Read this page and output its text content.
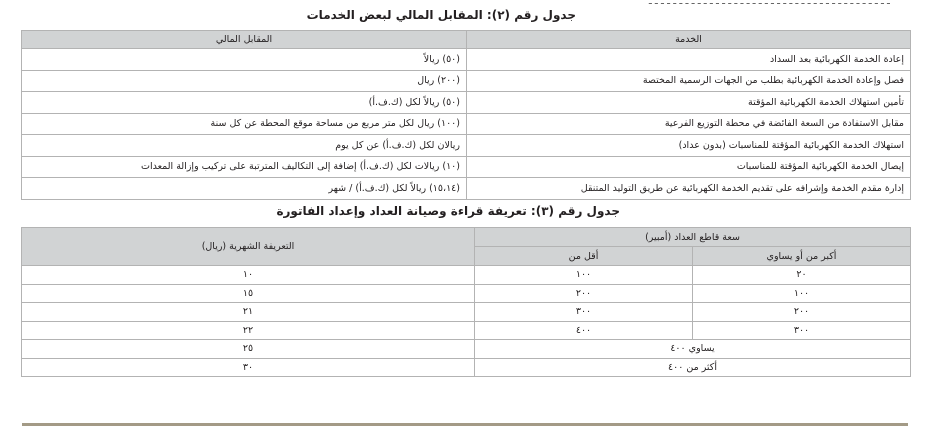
ـ ـ ـ ـ ـ ـ ـ ـ ـ ـ ـ ـ ـ ـ ـ ـ ـ ـ ـ ـ ـ ـ ـ ـ ـ ـ ـ ـ ـ ـ ـ ـ ـ ـ ـ ـ ـ ـ ـ ـ
جدول رقم (٢): المقابل المالي لبعض الخدمات
الخدمة	المقابل المالي
إعادة الخدمة الكهربائية بعد السداد	(٥٠) ريالاً
فصل وإعادة الخدمة الكهربائية بطلب من الجهات الرسمية المختصة	(٢٠٠) ريال
تأمين استهلاك الخدمة الكهربائية المؤقتة	(٥٠) ريالاً لكل (ك.ف.أ)
مقابل الاستفادة من السعة الفائضة في محطة التوزيع الفرعية	(١٠٠) ريال لكل متر مربع من مساحة موقع المحطة عن كل سنة
استهلاك الخدمة الكهربائية المؤقتة للمناسبات (بدون عداد)	ريالان لكل (ك.ف.أ) عن كل يوم
إيصال الخدمة الكهربائية المؤقتة للمناسبات	(١٠) ريالات لكل (ك.ف.أ) إضافة إلى التكاليف المترتبة على تركيب وإزالة المعدات
إدارة مقدم الخدمة وإشرافه على تقديم الخدمة الكهربائية عن طريق التوليد المتنقل	(١٥،١٤) ريالاً لكل (ك.ف.أ) / شهر
جدول رقم (٣): تعريفة قراءة وصيانة العداد وإعداد الفاتورة
سعة قاطع العداد (أمبير)		التعريفة الشهرية (ريال)
أكبر من أو يساوي	أقل من	
٢٠	١٠٠	١٠
١٠٠	٢٠٠	١٥
٢٠٠	٣٠٠	٢١
٣٠٠	٤٠٠	٢٢
يساوي ٤٠٠		٢٥
أكثر من ٤٠٠		٣٠
